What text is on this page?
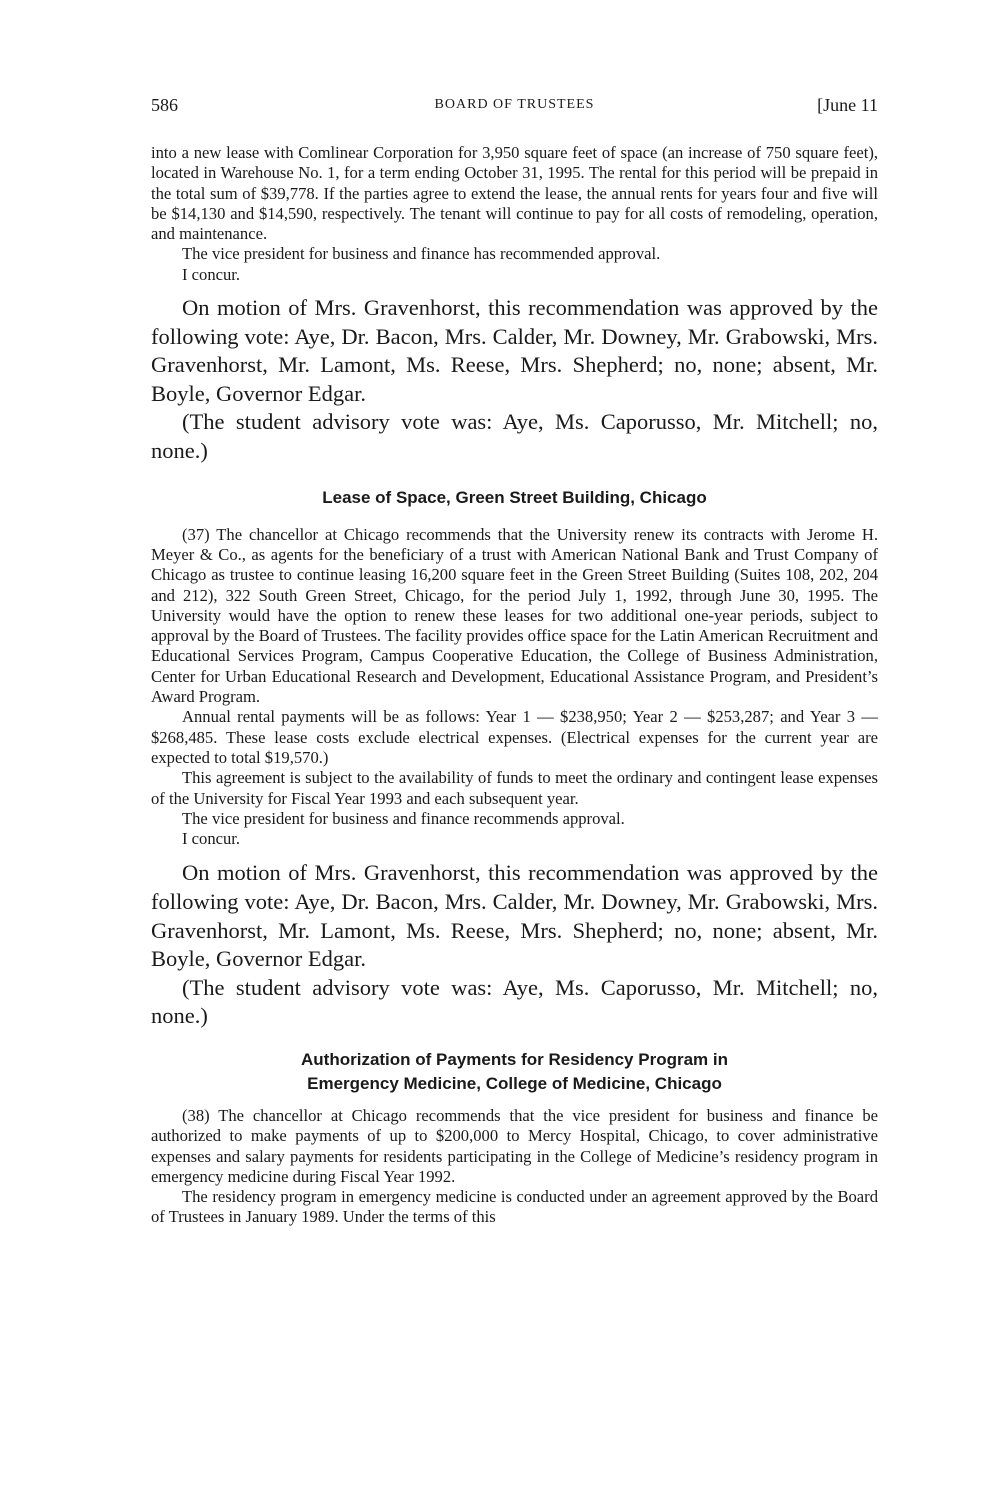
586	BOARD OF TRUSTEES	[June 11

into a new lease with Comlinear Corporation for 3,950 square feet of space (an increase of 750 square feet), located in Warehouse No. 1, for a term ending October 31, 1995. The rental for this period will be prepaid in the total sum of $39,778. If the parties agree to extend the lease, the annual rents for years four and five will be $14,130 and $14,590, respectively. The tenant will continue to pay for all costs of remodeling, operation, and maintenance.

The vice president for business and finance has recommended approval.

I concur.

On motion of Mrs. Gravenhorst, this recommendation was approved by the following vote: Aye, Dr. Bacon, Mrs. Calder, Mr. Downey, Mr. Grabowski, Mrs. Gravenhorst, Mr. Lamont, Ms. Reese, Mrs. Shepherd; no, none; absent, Mr. Boyle, Governor Edgar.

(The student advisory vote was: Aye, Ms. Caporusso, Mr. Mitchell; no, none.)

Lease of Space, Green Street Building, Chicago

(37) The chancellor at Chicago recommends that the University renew its contracts with Jerome H. Meyer & Co., as agents for the beneficiary of a trust with American National Bank and Trust Company of Chicago as trustee to continue leasing 16,200 square feet in the Green Street Building (Suites 108, 202, 204 and 212), 322 South Green Street, Chicago, for the period July 1, 1992, through June 30, 1995. The University would have the option to renew these leases for two additional one-year periods, subject to approval by the Board of Trustees. The facility provides office space for the Latin American Recruitment and Educational Services Program, Campus Cooperative Education, the College of Business Administration, Center for Urban Educational Research and Development, Educational Assistance Program, and President’s Award Program.

Annual rental payments will be as follows: Year 1 — $238,950; Year 2 — $253,287; and Year 3 — $268,485. These lease costs exclude electrical expenses. (Electrical expenses for the current year are expected to total $19,570.)

This agreement is subject to the availability of funds to meet the ordinary and contingent lease expenses of the University for Fiscal Year 1993 and each subsequent year.

The vice president for business and finance recommends approval.

I concur.

On motion of Mrs. Gravenhorst, this recommendation was approved by the following vote: Aye, Dr. Bacon, Mrs. Calder, Mr. Downey, Mr. Grabowski, Mrs. Gravenhorst, Mr. Lamont, Ms. Reese, Mrs. Shepherd; no, none; absent, Mr. Boyle, Governor Edgar.

(The student advisory vote was: Aye, Ms. Caporusso, Mr. Mitchell; no, none.)

Authorization of Payments for Residency Program in

Emergency Medicine, College of Medicine, Chicago

(38) The chancellor at Chicago recommends that the vice president for business and finance be authorized to make payments of up to $200,000 to Mercy Hospital, Chicago, to cover administrative expenses and salary payments for residents participating in the College of Medicine’s residency program in emergency medicine during Fiscal Year 1992.

The residency program in emergency medicine is conducted under an agreement approved by the Board of Trustees in January 1989. Under the terms of this
